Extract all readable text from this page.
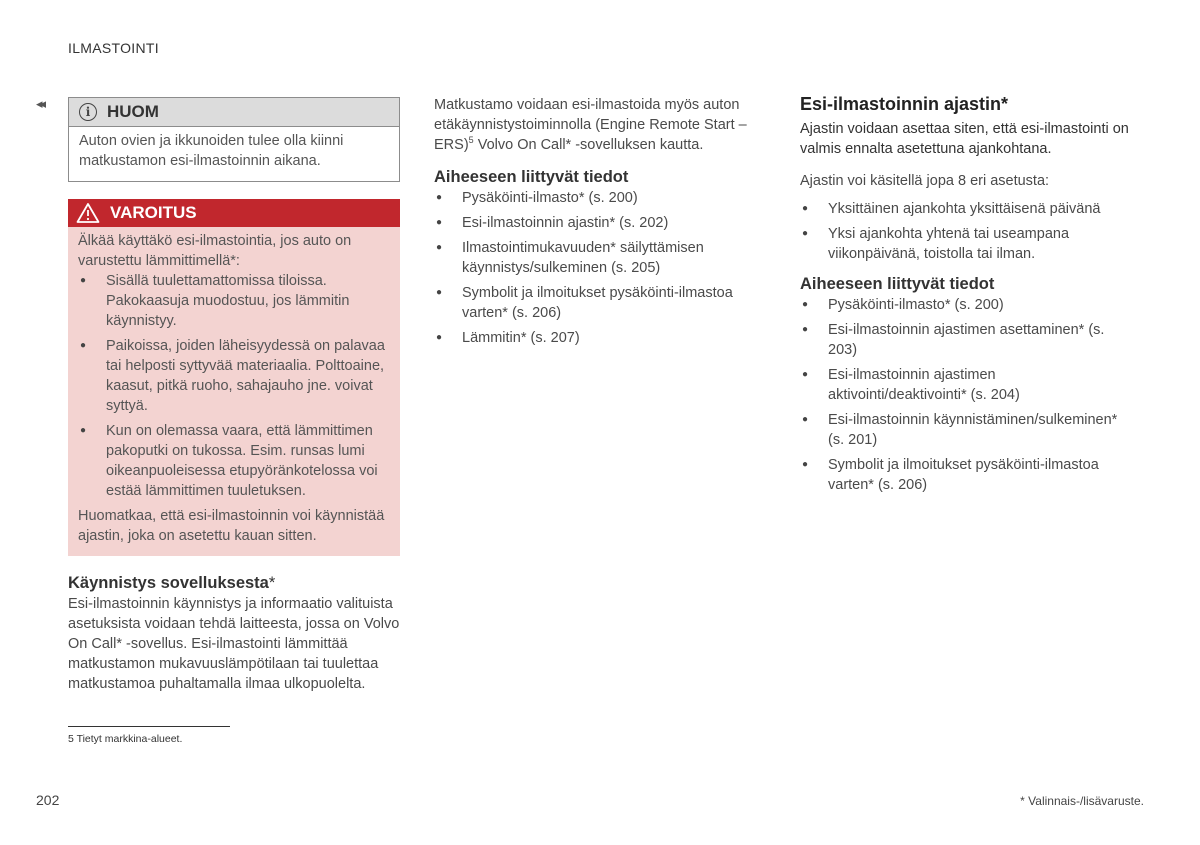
ILMASTOINTI
◂◂
i HUOM
Auton ovien ja ikkunoiden tulee olla kiinni matkustamon esi-ilmastoinnin aikana.
VAROITUS

Älkää käyttäkö esi-ilmastointia, jos auto on varustettu lämmittimellä*:

● Sisällä tuulettamattomissa tiloissa. Pakokaasuja muodostuu, jos lämmitin käynnistyy.
● Paikoissa, joiden läheisyydessä on palavaa tai helposti syttyvää materiaalia. Polttoaine, kaasut, pitkä ruoho, sahajauho jne. voivat syttyä.
● Kun on olemassa vaara, että lämmittimen pakoputki on tukossa. Esim. runsas lumi oikeanpuoleisessa etupyöränkotelossa voi estää lämmittimen tuuletuksen.

Huomatkaa, että esi-ilmastoinnin voi käynnistää ajastin, joka on asetettu kauan sitten.

Käynnistys sovelluksesta*

Esi-ilmastoinnin käynnistys ja informaatio valituista asetuksista voidaan tehdä laitteesta, jossa on Volvo On Call* -sovellus. Esi-ilmastointi lämmittää matkustamon mukavuuslämpötilaan tai tuulettaa matkustamoa puhaltamalla ilmaa ulkopuolelta.

Matkustamo voidaan esi-ilmastoida myös auton etäkäynnistystoiminnolla (Engine Remote Start – ERS)$^5$ Volvo On Call* -sovelluksen kautta.

Aiheeseen liittyvät tiedot
● Pysäköinti-ilmasto* (s. 200)
● Esi-ilmastoinnin ajastin* (s. 202)
● Ilmastointimukavuuden* säilyttämisen käynnistys/sulkeminen (s. 205)
● Symbolit ja ilmoitukset pysäköinti-ilmastoa varten* (s. 206)
● Lämmitin* (s. 207)
Esi-ilmastoinnin ajastin*

Ajastin voidaan asettaa siten, että esi-ilmastointi on valmis ennalta asetettuna ajankohtana.

Ajastin voi käsitellä jopa 8 eri asetusta:

● Yksittäinen ajankohta yksittäisenä päivänä
● Yksi ajankohta yhtenä tai useampana viikonpäivänä, toistolla tai ilman.
Aiheeseen liittyvät tiedot
● Pysäköinti-ilmasto* (s. 200)
● Esi-ilmastoinnin ajastimen asettaminen* (s. 203)
● Esi-ilmastoinnin ajastimen aktivointi/deaktivointi* (s. 204)
● Esi-ilmastoinnin käynnistäminen/sulkeminen* (s. 201)
● Symbolit ja ilmoitukset pysäköinti-ilmastoa varten* (s. 206)
5 Tietyt markkina-alueet.
202	* Valinnais-/lisävaruste.
